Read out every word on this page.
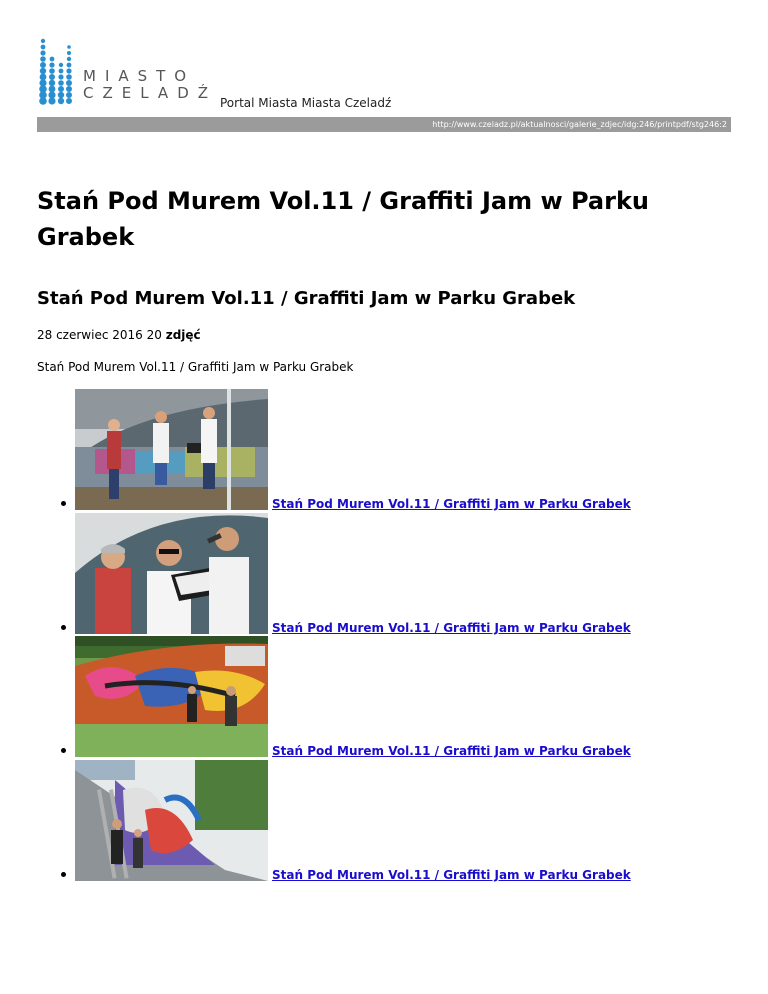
MIASTO
CZELADŹ
Portal Miasta Miasta Czeladź
http://www.czeladz.pl/aktualnosci/galerie_zdjec/idg:246/printpdf/stg246:2
Stań Pod Murem Vol.11 / Graffiti Jam w Parku Grabek
Stań Pod Murem Vol.11 / Graffiti Jam w Parku Grabek
28 czerwiec 2016 20 zdjęć
Stań Pod Murem Vol.11 / Graffiti Jam w Parku Grabek
Stań Pod Murem Vol.11 / Graffiti Jam w Parku Grabek
Stań Pod Murem Vol.11 / Graffiti Jam w Parku Grabek
Stań Pod Murem Vol.11 / Graffiti Jam w Parku Grabek
Stań Pod Murem Vol.11 / Graffiti Jam w Parku Grabek
